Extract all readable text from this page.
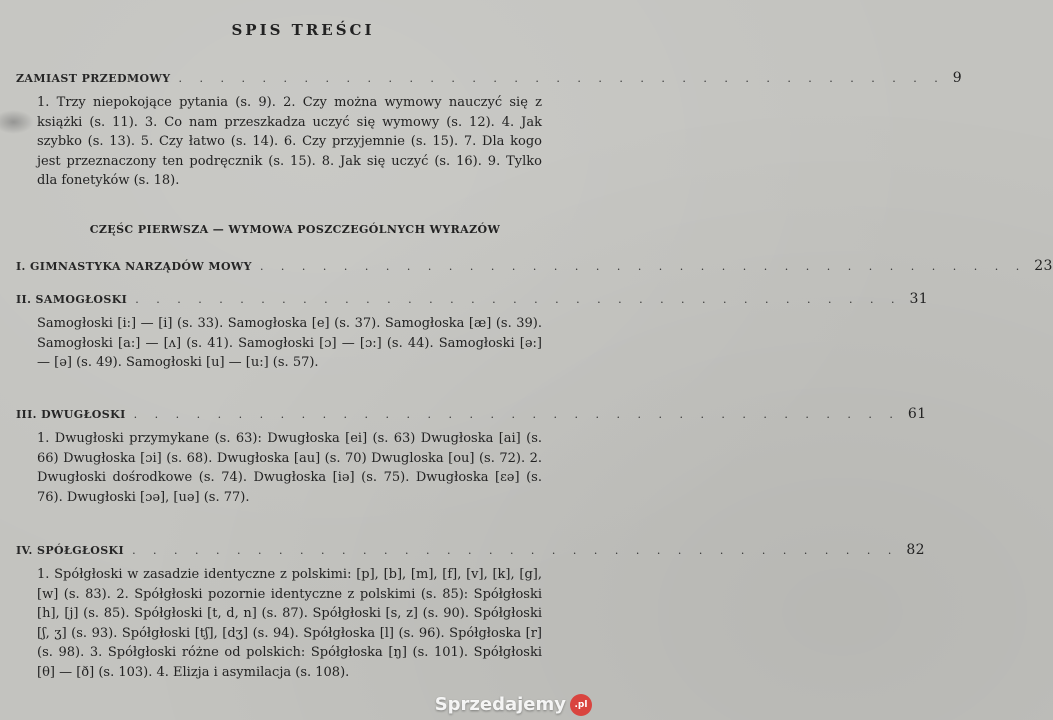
SPIS TREŚCI
ZAMIAST PRZEDMOWY . . . . . . . . . . . . . . . . . . . . . . . . . . . . . . . . . . . . . 9
1. Trzy niepokojące pytania (s. 9). 2. Czy można wymowy nauczyć się z książki (s. 11). 3. Co nam przeszkadza uczyć się wymowy (s. 12). 4. Jak szybko (s. 13). 5. Czy łatwo (s. 14). 6. Czy przyjemnie (s. 15). 7. Dla kogo jest przeznaczony ten podręcznik (s. 15). 8. Jak się uczyć (s. 16). 9. Tylko dla fonetyków (s. 18).
CZĘŚC PIERWSZA — WYMOWA POSZCZEGÓLNYCH WYRAZÓW
I. GIMNASTYKA NARZĄDÓW MOWY . . . . . . . . . . . . . . . . . . . . . . . . . . . . . . . . . . . . . 23
II. SAMOGŁOSKI . . . . . . . . . . . . . . . . . . . . . . . . . . . . . . . . . . . . . 31
Samogłoski [i:] — [i] (s. 33). Samogłoska [e] (s. 37). Samogłoska [æ] (s. 39). Samogłoski [a:] — [ʌ] (s. 41). Samogłoski [ɔ] — [ɔ:] (s. 44). Samogłoski [ə:] — [ə] (s. 49). Samogłoski [u] — [u:] (s. 57).
III. DWUGŁOSKI . . . . . . . . . . . . . . . . . . . . . . . . . . . . . . . . . . . . . 61
1. Dwugłoski przymykane (s. 63): Dwugłoska [ei] (s. 63) Dwugłoska [ai] (s. 66) Dwugłoska [ɔi] (s. 68). Dwugłoska [au] (s. 70) Dwugloska [ou] (s. 72). 2. Dwugłoski dośrodkowe (s. 74). Dwugłoska [iə] (s. 75). Dwugłoska [ɛə] (s. 76). Dwugłoski [ɔə], [uə] (s. 77).
IV. SPÓŁGŁOSKI . . . . . . . . . . . . . . . . . . . . . . . . . . . . . . . . . . . . . 82
1. Spółgłoski w zasadzie identyczne z polskimi: [p], [b], [m], [f], [v], [k], [g], [w] (s. 83). 2. Spółgłoski pozornie identyczne z polskimi (s. 85): Spółgłoski [h], [j] (s. 85). Spółgłoski [t, d, n] (s. 87). Spółgłoski [s, z] (s. 90). Spółgłoski [ʃ, ʒ] (s. 93). Spółgłoski [tʃ], [dʒ] (s. 94). Spółgłoska [l] (s. 96). Spółgłoska [r] (s. 98). 3. Spółgłoski różne od polskich: Spółgłoska [ŋ] (s. 101). Spółgłoski [θ] — [ð] (s. 103). 4. Elizja i asymilacja (s. 108).
Sprzedajemy .pl
